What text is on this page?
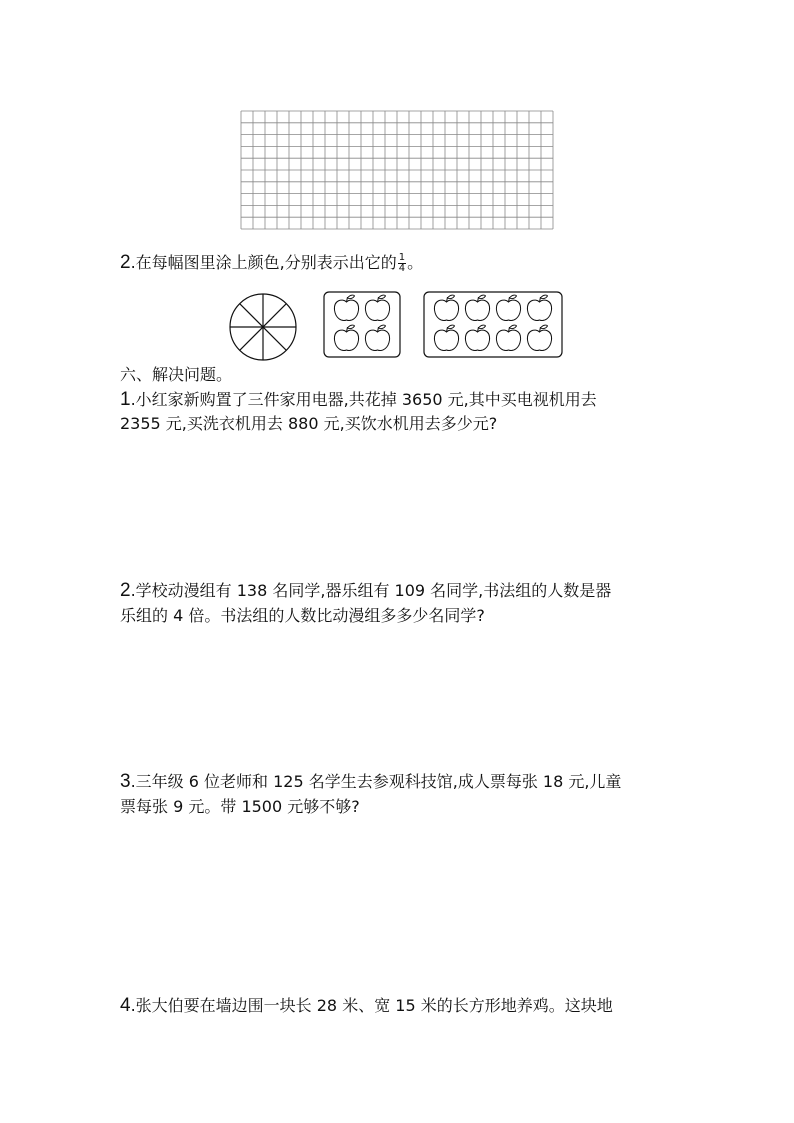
2.在每幅图里涂上颜色,分别表示出它的 $\frac{1}{4}$ 。
六、解决问题。
1.小红家新购置了三件家用电器,共花掉 3650 元,其中买电视机用去
2355 元,买洗衣机用去 880 元,买饮水机用去多少元?
2.学校动漫组有 138 名同学,器乐组有 109 名同学,书法组的人数是器
乐组的 4 倍。书法组的人数比动漫组多多少名同学?
3.三年级 6 位老师和 125 名学生去参观科技馆,成人票每张 18 元,儿童
票每张 9 元。带 1500 元够不够?
4.张大伯要在墙边围一块长 28 米、宽 15 米的长方形地养鸡。这块地
